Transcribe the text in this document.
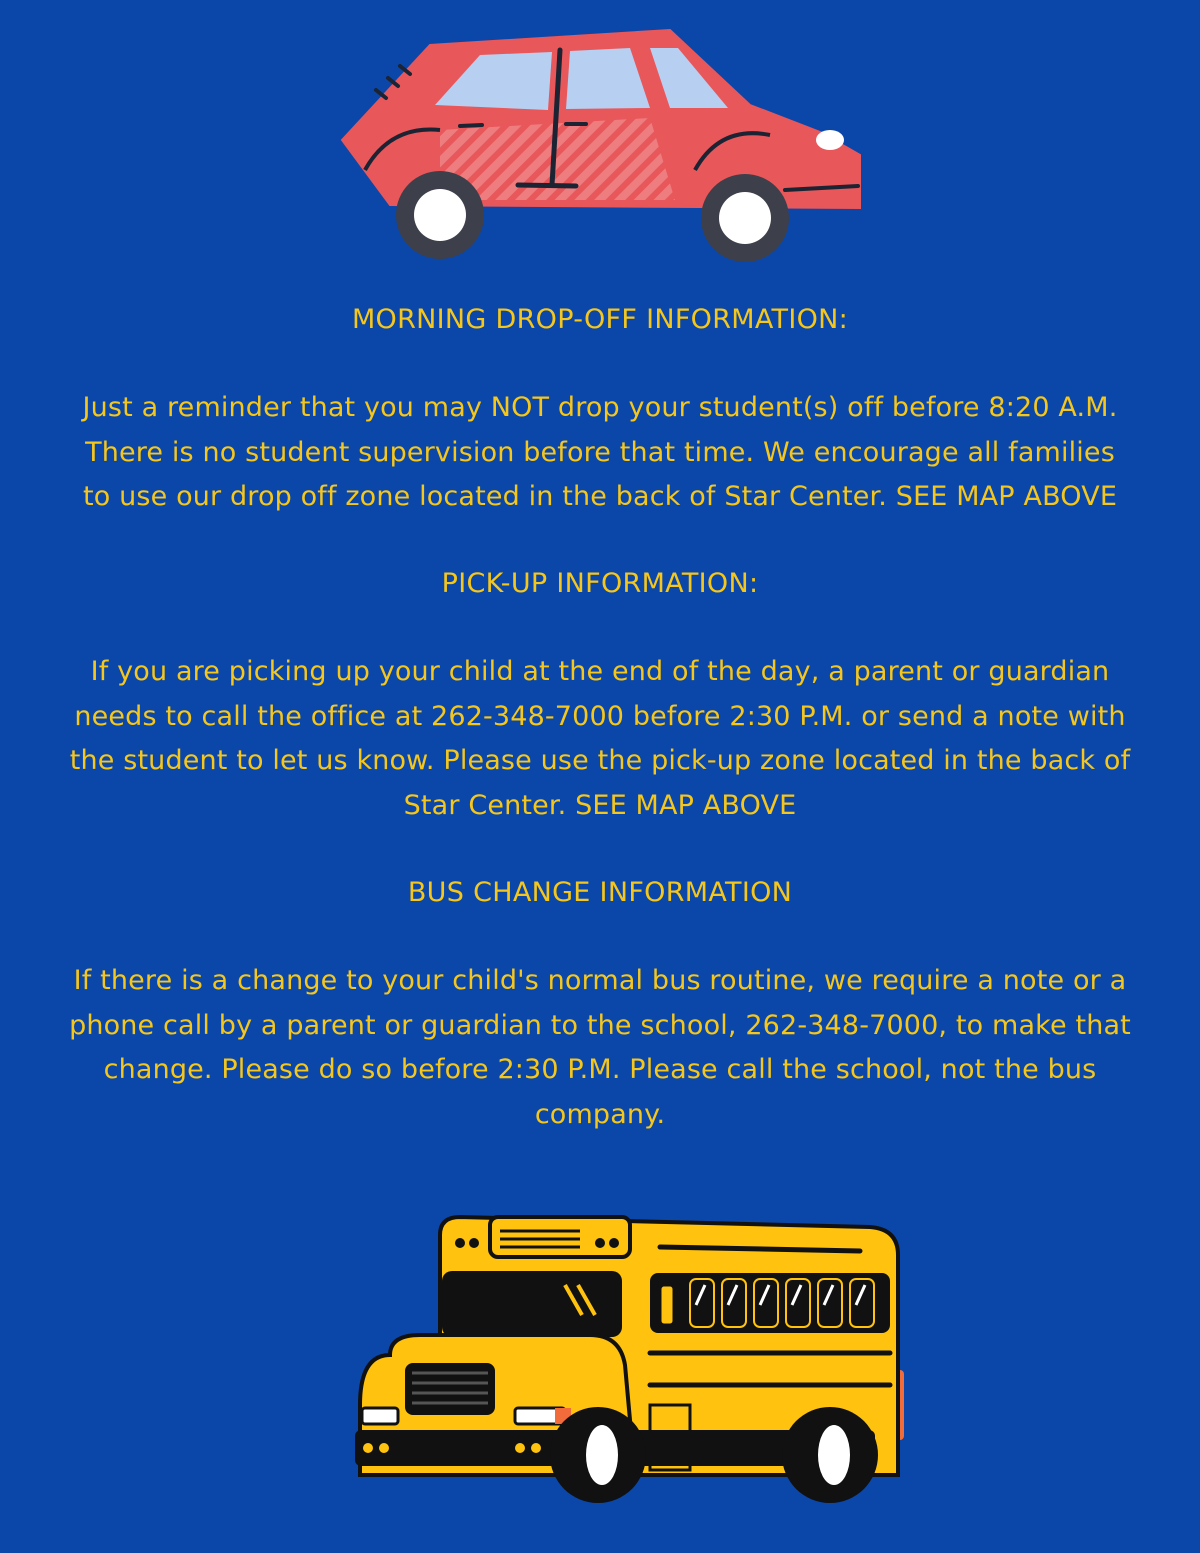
MORNING DROP-OFF INFORMATION:
Just a reminder that you may NOT drop your student(s) off before 8:20 A.M.
There is no student supervision before that time. We encourage all families
to use our drop off zone located in the back of Star Center. SEE MAP ABOVE
PICK-UP INFORMATION:
If you are picking up your child at the end of the day, a parent or guardian
needs to call the office at 262-348-7000 before 2:30 P.M. or send a note with
the student to let us know. Please use the pick-up zone located in the back of
Star Center. SEE MAP ABOVE
BUS CHANGE INFORMATION
If there is a change to your child's normal bus routine, we require a note or a
phone call by a parent or guardian to the school, 262-348-7000, to make that
change. Please do so before 2:30 P.M. Please call the school, not the bus
company.
